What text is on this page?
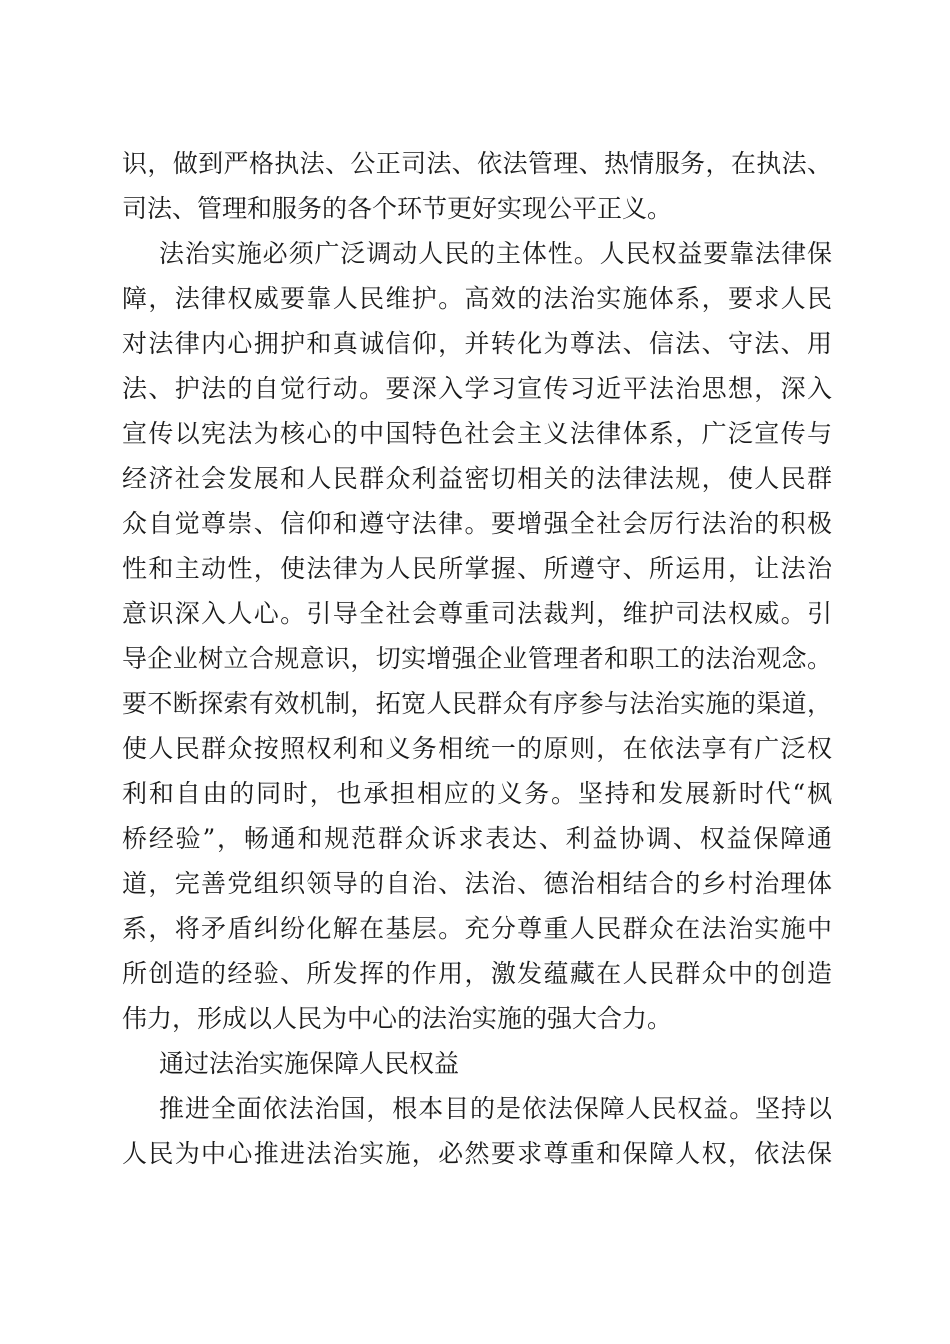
识，做到严格执法、公正司法、依法管理、热情服务，在执法、
司法、管理和服务的各个环节更好实现公平正义。
法治实施必须广泛调动人民的主体性。人民权益要靠法律保
障，法律权威要靠人民维护。高效的法治实施体系，要求人民
对法律内心拥护和真诚信仰，并转化为尊法、信法、守法、用
法、护法的自觉行动。要深入学习宣传习近平法治思想，深入
宣传以宪法为核心的中国特色社会主义法律体系，广泛宣传与
经济社会发展和人民群众利益密切相关的法律法规，使人民群
众自觉尊崇、信仰和遵守法律。要增强全社会厉行法治的积极
性和主动性，使法律为人民所掌握、所遵守、所运用，让法治
意识深入人心。引导全社会尊重司法裁判，维护司法权威。引
导企业树立合规意识，切实增强企业管理者和职工的法治观念。
要不断探索有效机制，拓宽人民群众有序参与法治实施的渠道，
使人民群众按照权利和义务相统一的原则，在依法享有广泛权
利和自由的同时，也承担相应的义务。坚持和发展新时代“枫
桥经验”，畅通和规范群众诉求表达、利益协调、权益保障通
道，完善党组织领导的自治、法治、德治相结合的乡村治理体
系，将矛盾纠纷化解在基层。充分尊重人民群众在法治实施中
所创造的经验、所发挥的作用，激发蕴藏在人民群众中的创造
伟力，形成以人民为中心的法治实施的强大合力。
通过法治实施保障人民权益
推进全面依法治国，根本目的是依法保障人民权益。坚持以
人民为中心推进法治实施，必然要求尊重和保障人权，依法保
